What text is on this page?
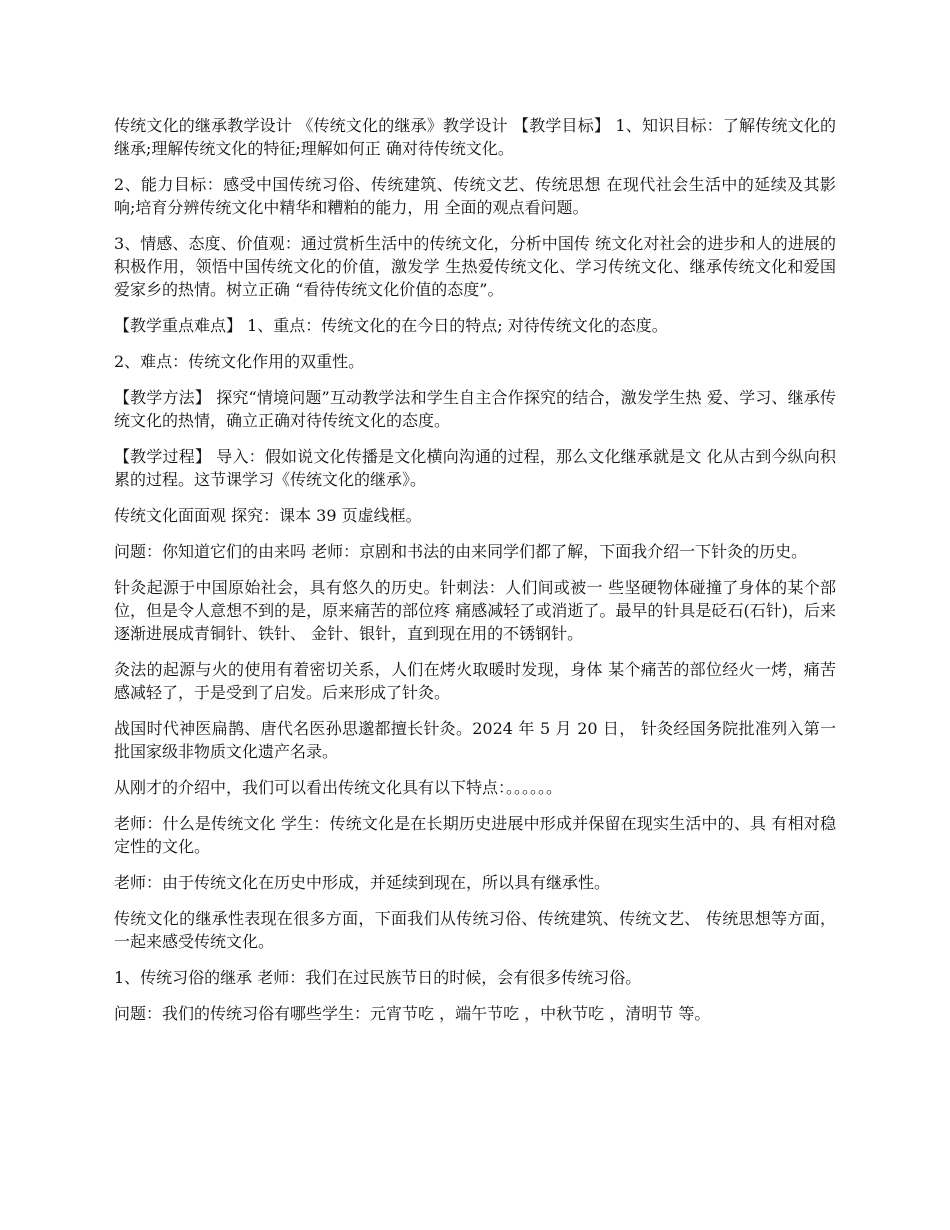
传统文化的继承教学设计 《传统文化的继承》教学设计 【教学目标】 1、知识目标：了解传统文化的继承;理解传统文化的特征;理解如何正 确对待传统文化。

2、能力目标：感受中国传统习俗、传统建筑、传统文艺、传统思想 在现代社会生活中的延续及其影响;培育分辨传统文化中精华和糟粕的能力，用 全面的观点看问题。

3、情感、态度、价值观：通过赏析生活中的传统文化，分析中国传 统文化对社会的进步和人的进展的积极作用，领悟中国传统文化的价值，激发学 生热爱传统文化、学习传统文化、继承传统文化和爱国爱家乡的热情。树立正确 “看待传统文化价值的态度”。

【教学重点难点】 1、重点：传统文化的在今日的特点; 对待传统文化的态度。

2、难点：传统文化作用的双重性。

【教学方法】 探究“情境问题”互动教学法和学生自主合作探究的结合，激发学生热 爱、学习、继承传统文化的热情，确立正确对待传统文化的态度。

【教学过程】 导入：假如说文化传播是文化横向沟通的过程，那么文化继承就是文 化从古到今纵向积累的过程。这节课学习《传统文化的继承》。

传统文化面面观 探究：课本 39 页虚线框。

问题：你知道它们的由来吗 老师：京剧和书法的由来同学们都了解，下面我介绍一下针灸的历史。

针灸起源于中国原始社会，具有悠久的历史。针刺法：人们间或被一 些坚硬物体碰撞了身体的某个部位，但是令人意想不到的是，原来痛苦的部位疼 痛感减轻了或消逝了。最早的针具是砭石(石针)，后来逐渐进展成青铜针、铁针、 金针、银针，直到现在用的不锈钢针。

灸法的起源与火的使用有着密切关系，人们在烤火取暖时发现，身体 某个痛苦的部位经火一烤，痛苦感减轻了，于是受到了启发。后来形成了针灸。

战国时代神医扁鹊、唐代名医孙思邈都擅长针灸。2024 年 5 月 20 日， 针灸经国务院批准列入第一批国家级非物质文化遗产名录。

从刚才的介绍中，我们可以看出传统文化具有以下特点：。。。。。。

老师：什么是传统文化 学生：传统文化是在长期历史进展中形成并保留在现实生活中的、具 有相对稳定性的文化。

老师：由于传统文化在历史中形成，并延续到现在，所以具有继承性。

传统文化的继承性表现在很多方面，下面我们从传统习俗、传统建筑、传统文艺、 传统思想等方面，一起来感受传统文化。

1、传统习俗的继承 老师：我们在过民族节日的时候，会有很多传统习俗。

问题：我们的传统习俗有哪些学生：元宵节吃 ，端午节吃 ，中秋节吃 ，清明节 等。
